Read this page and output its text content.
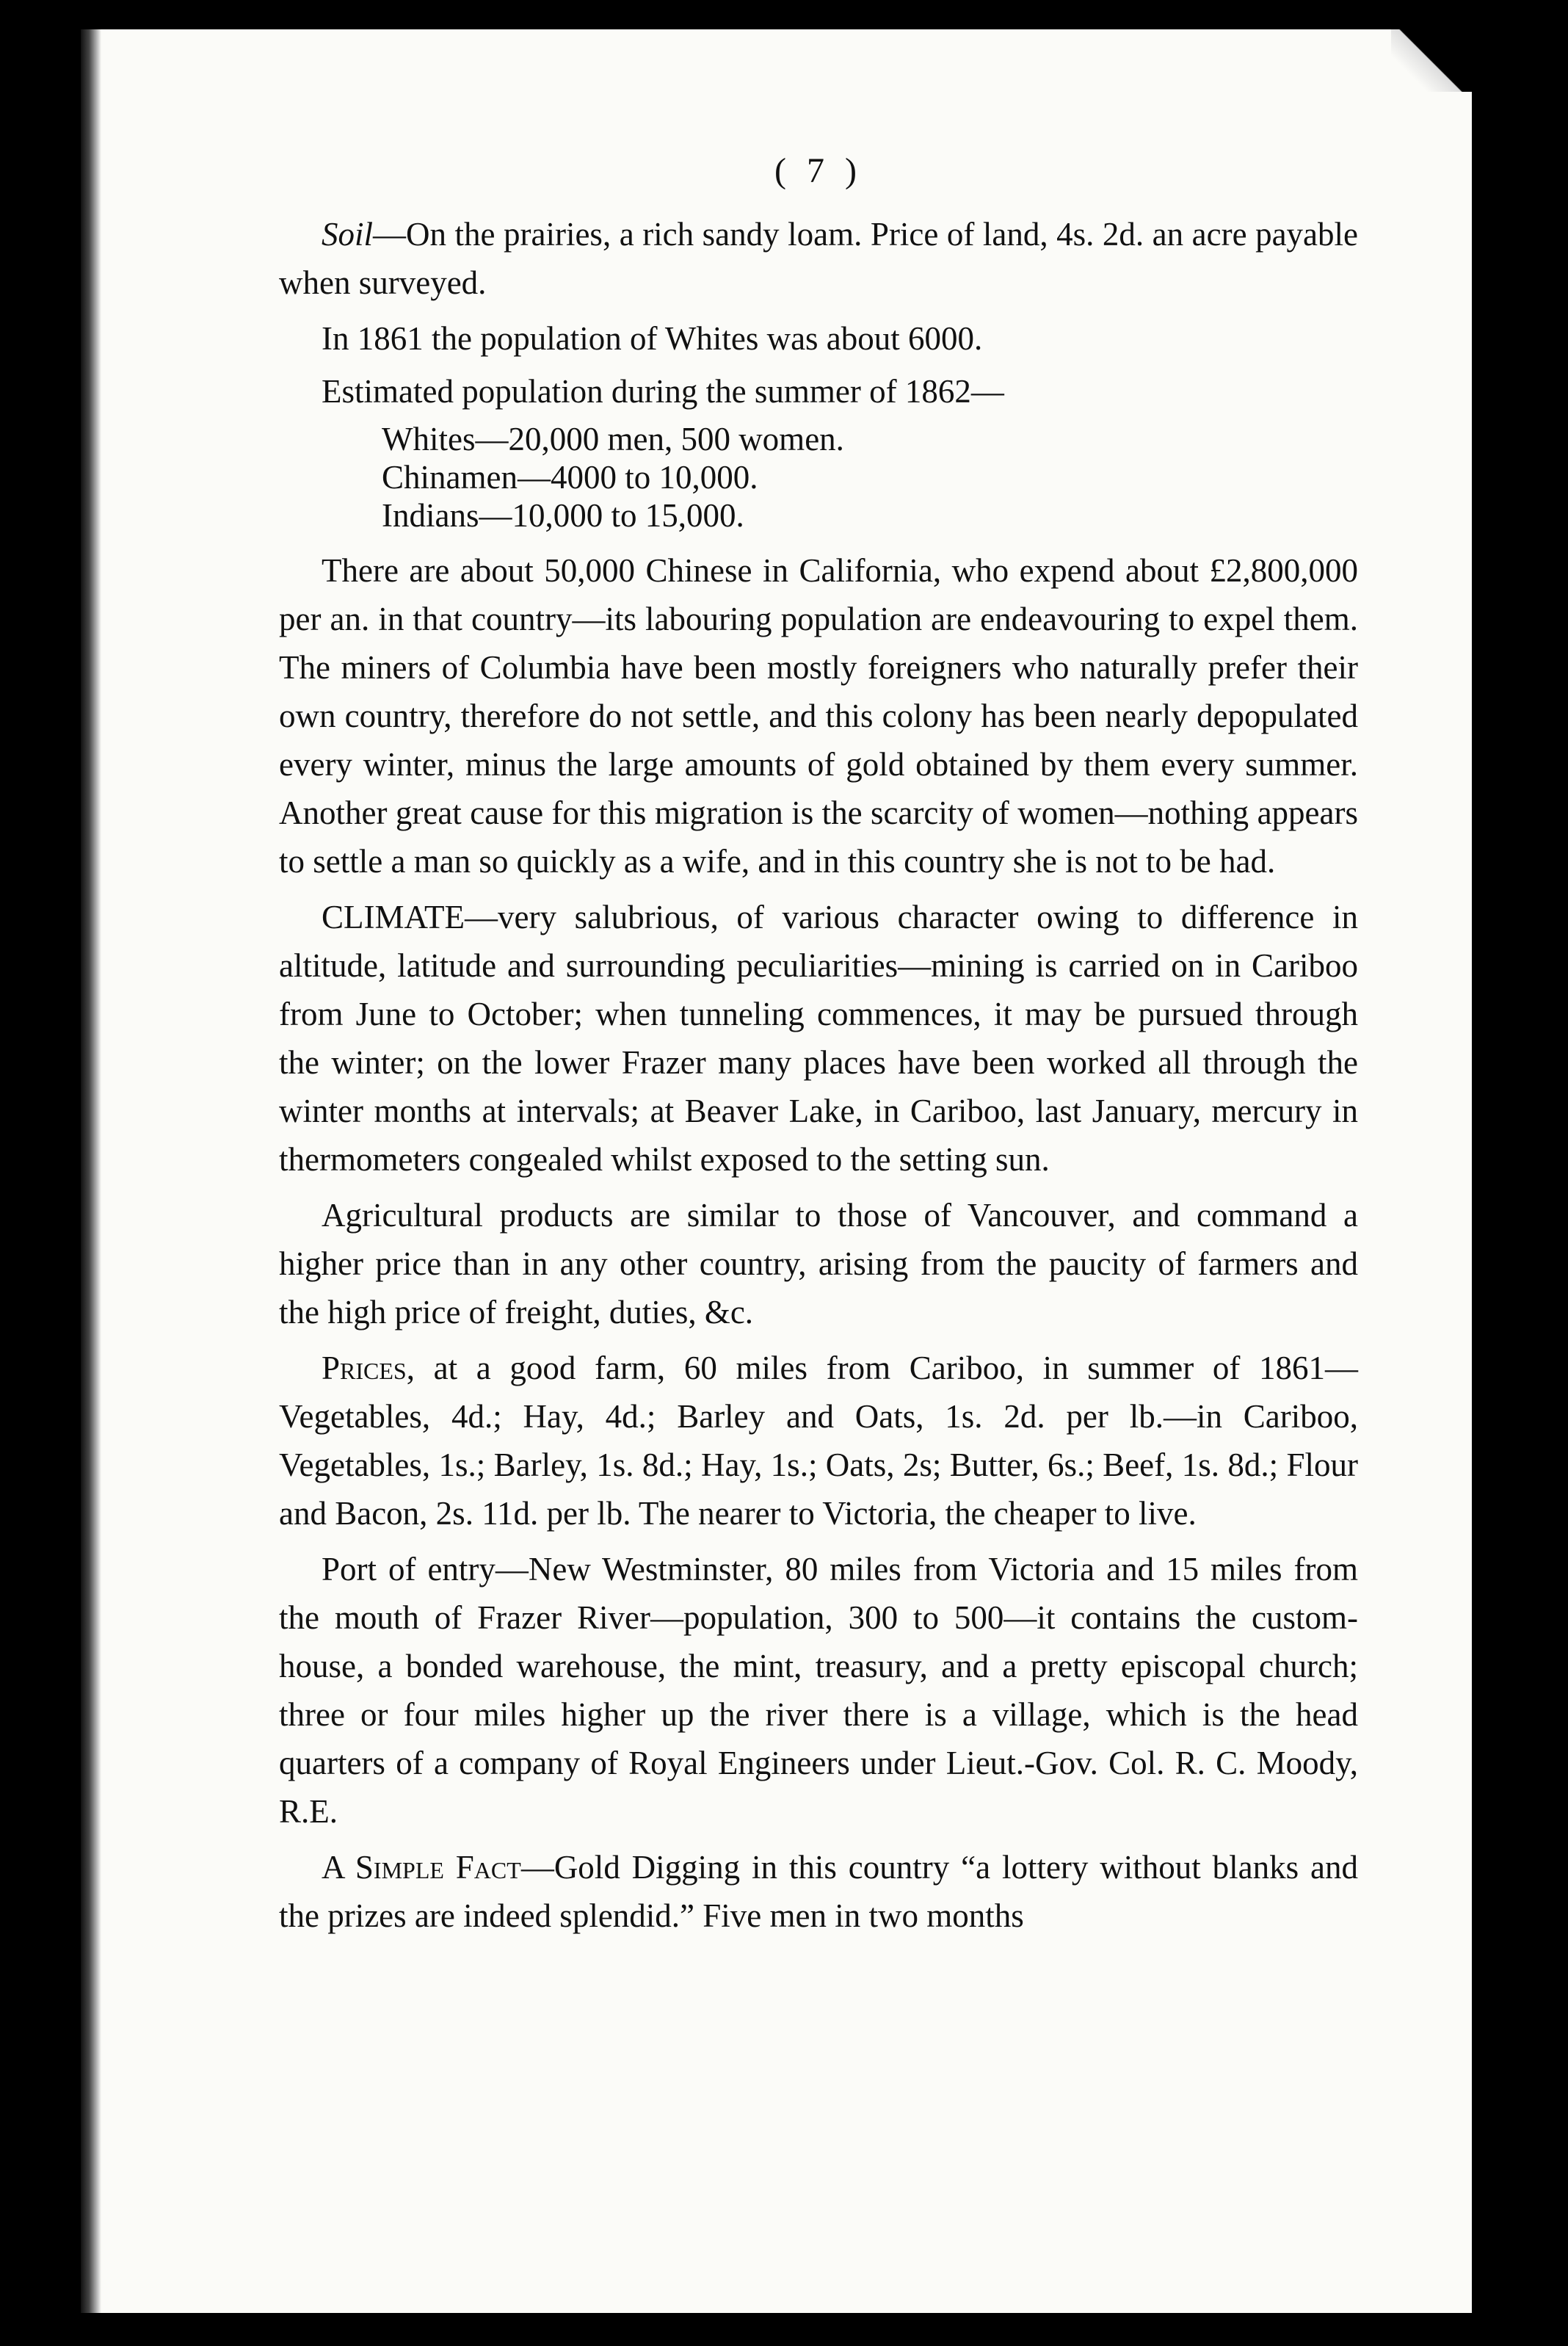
( 7 )

Soil—On the prairies, a rich sandy loam. Price of land, 4s. 2d. an acre payable when surveyed.

In 1861 the population of Whites was about 6000.

Estimated population during the summer of 1862—

Whites—20,000 men, 500 women.
Chinamen—4000 to 10,000.
Indians—10,000 to 15,000.

There are about 50,000 Chinese in California, who expend about £2,800,000 per an. in that country—its labouring population are endeavouring to expel them. The miners of Columbia have been mostly foreigners who naturally prefer their own country, therefore do not settle, and this colony has been nearly depopulated every winter, minus the large amounts of gold obtained by them every summer. Another great cause for this migration is the scarcity of women—nothing appears to settle a man so quickly as a wife, and in this country she is not to be had.

CLIMATE—very salubrious, of various character owing to difference in altitude, latitude and surrounding peculiarities—mining is carried on in Cariboo from June to October; when tunneling commences, it may be pursued through the winter; on the lower Frazer many places have been worked all through the winter months at intervals; at Beaver Lake, in Cariboo, last January, mercury in thermometers congealed whilst exposed to the setting sun.

Agricultural products are similar to those of Vancouver, and command a higher price than in any other country, arising from the paucity of farmers and the high price of freight, duties, &c.

Prices, at a good farm, 60 miles from Cariboo, in summer of 1861—Vegetables, 4d.; Hay, 4d.; Barley and Oats, 1s. 2d. per lb.—in Cariboo, Vegetables, 1s.; Barley, 1s. 8d.; Hay, 1s.; Oats, 2s; Butter, 6s.; Beef, 1s. 8d.; Flour and Bacon, 2s. 11d. per lb. The nearer to Victoria, the cheaper to live.

Port of entry—New Westminster, 80 miles from Victoria and 15 miles from the mouth of Frazer River—population, 300 to 500—it contains the custom-house, a bonded warehouse, the mint, treasury, and a pretty episcopal church; three or four miles higher up the river there is a village, which is the head quarters of a company of Royal Engineers under Lieut.-Gov. Col. R. C. Moody, R.E.

A Simple Fact—Gold Digging in this country “a lottery without blanks and the prizes are indeed splendid.” Five men in two months
